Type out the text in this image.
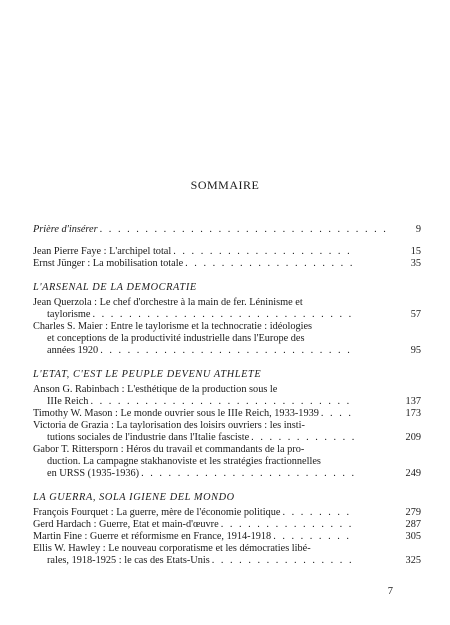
SOMMAIRE
Prière d'insérer . . .	9
Jean Pierre Faye : L'archipel total . . .	15
Ernst Jünger : La mobilisation totale . . .	35
L'ARSENAL DE LA DEMOCRATIE
Jean Querzola : Le chef d'orchestre à la main de fer. Léninisme et
taylorisme . . .	57
Charles S. Maier : Entre le taylorisme et la technocratie : idéologies
et conceptions de la productivité industrielle dans l'Europe des
années 1920 . . .	95
L'ETAT, C'EST LE PEUPLE DEVENU ATHLETE
Anson G. Rabinbach : L'esthétique de la production sous le
IIIe Reich . . .	137
Timothy W. Mason : Le monde ouvrier sous le IIIe Reich, 1933-1939 . . .	173
Victoria de Grazia : La taylorisation des loisirs ouvriers : les insti-
tutions sociales de l'industrie dans l'Italie fasciste . . .	209
Gabor T. Rittersporn : Héros du travail et commandants de la pro-
duction. La campagne stakhanoviste et les stratégies fractionnelles
en URSS (1935-1936) . . .	249
LA GUERRA, SOLA IGIENE DEL MONDO
François Fourquet : La guerre, mère de l'économie politique . . .	279
Gerd Hardach : Guerre, Etat et main-d'œuvre . . .	287
Martin Fine : Guerre et réformisme en France, 1914-1918 . . .	305
Ellis W. Hawley : Le nouveau corporatisme et les démocraties libé-
rales, 1918-1925 : le cas des Etats-Unis . . .	325
7
